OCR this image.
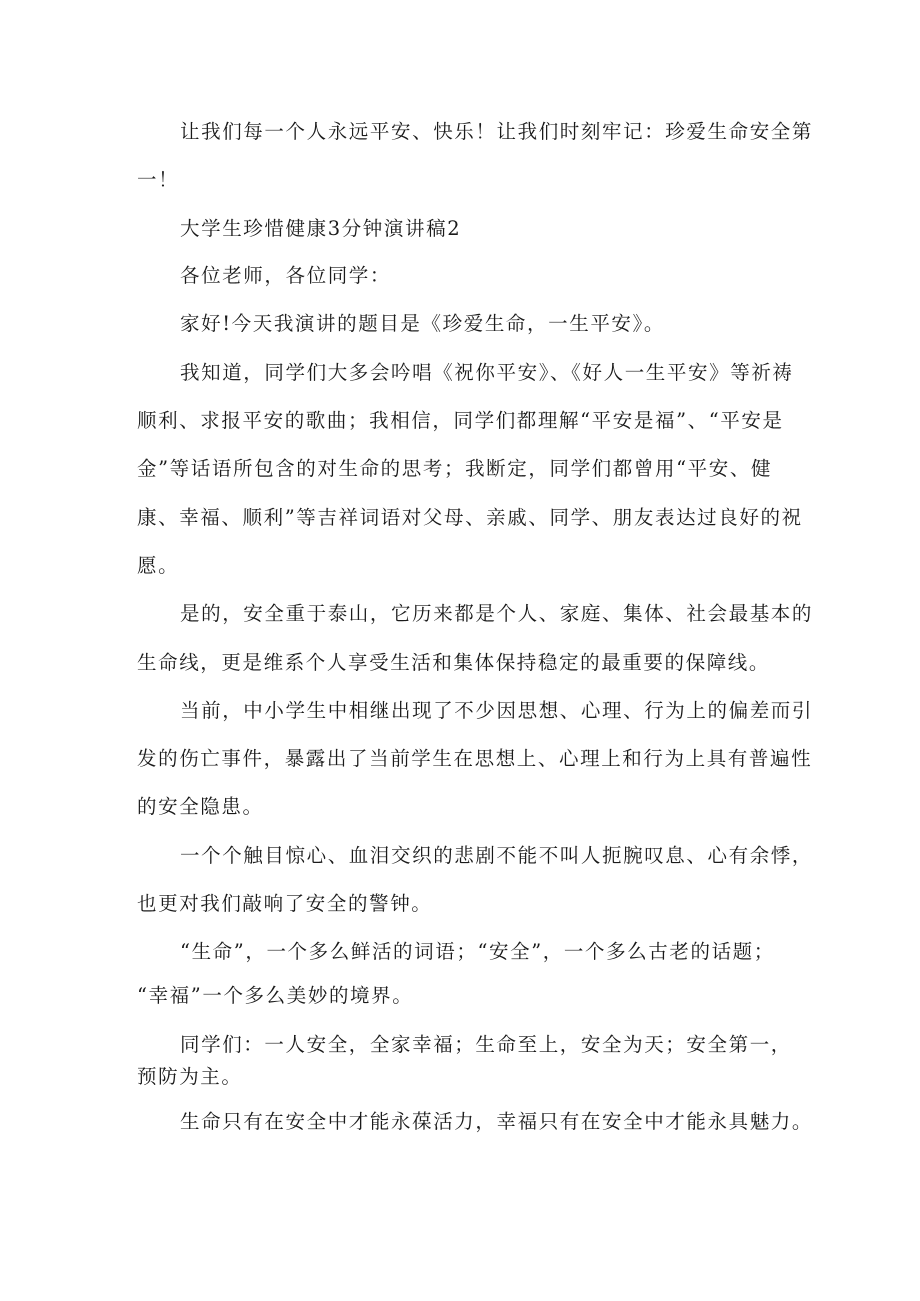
让我们每一个人永远平安、快乐！让我们时刻牢记：珍爱生命安全第
一！
大学生珍惜健康3分钟演讲稿2
各位老师，各位同学：
家好!今天我演讲的题目是《珍爱生命，一生平安》。
我知道，同学们大多会吟唱《祝你平安》、《好人一生平安》等祈祷
顺利、求报平安的歌曲；我相信，同学们都理解“平安是福”、“平安是
金”等话语所包含的对生命的思考；我断定，同学们都曾用“平安、健
康、幸福、顺利”等吉祥词语对父母、亲戚、同学、朋友表达过良好的祝
愿。
是的，安全重于泰山，它历来都是个人、家庭、集体、社会最基本的
生命线，更是维系个人享受生活和集体保持稳定的最重要的保障线。
当前，中小学生中相继出现了不少因思想、心理、行为上的偏差而引
发的伤亡事件，暴露出了当前学生在思想上、心理上和行为上具有普遍性
的安全隐患。
一个个触目惊心、血泪交织的悲剧不能不叫人扼腕叹息、心有余悸，
也更对我们敲响了安全的警钟。
“生命”，一个多么鲜活的词语；“安全”，一个多么古老的话题；
“幸福”一个多么美妙的境界。
同学们：一人安全，全家幸福；生命至上，安全为天；安全第一，
预防为主。
生命只有在安全中才能永葆活力，幸福只有在安全中才能永具魅力。
